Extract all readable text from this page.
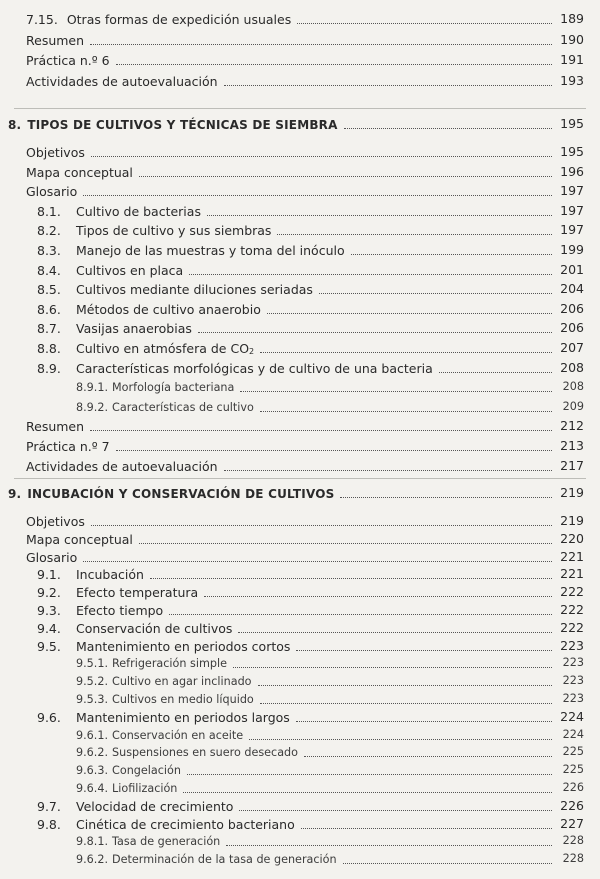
7.15. Otras formas de expedición usuales	189
Resumen	190
Práctica n.º 6	191
Actividades de autoevaluación	193
8. TIPOS DE CULTIVOS Y TÉCNICAS DE SIEMBRA	195
Objetivos	195
Mapa conceptual	196
Glosario	197
8.1.	Cultivo de bacterias	197
8.2.	Tipos de cultivo y sus siembras	197
8.3.	Manejo de las muestras y toma del inóculo	199
8.4.	Cultivos en placa	201
8.5.	Cultivos mediante diluciones seriadas	204
8.6.	Métodos de cultivo anaerobio	206
8.7.	Vasijas anaerobias	206
8.8.	Cultivo en atmósfera de $CO_2$	207
8.9.	Características morfológicas y de cultivo de una bacteria	208
8.9.1. Morfología bacteriana	208
8.9.2. Características de cultivo	209
Resumen	212
Práctica n.º 7	213
Actividades de autoevaluación	217
9. INCUBACIÓN Y CONSERVACIÓN DE CULTIVOS	219
Objetivos	219
Mapa conceptual	220
Glosario	221
9.1.	Incubación	221
9.2.	Efecto temperatura	222
9.3.	Efecto tiempo	222
9.4.	Conservación de cultivos	222
9.5.	Mantenimiento en periodos cortos	223
9.5.1. Refrigeración simple	223
9.5.2. Cultivo en agar inclinado	223
9.5.3. Cultivos en medio líquido	223
9.6.	Mantenimiento en periodos largos	224
9.6.1. Conservación en aceite	224
9.6.2. Suspensiones en suero desecado	225
9.6.3. Congelación	225
9.6.4. Liofilización	226
9.7.	Velocidad de crecimiento	226
9.8.	Cinética de crecimiento bacteriano	227
9.8.1. Tasa de generación	228
9.6.2. Determinación de la tasa de generación	228
